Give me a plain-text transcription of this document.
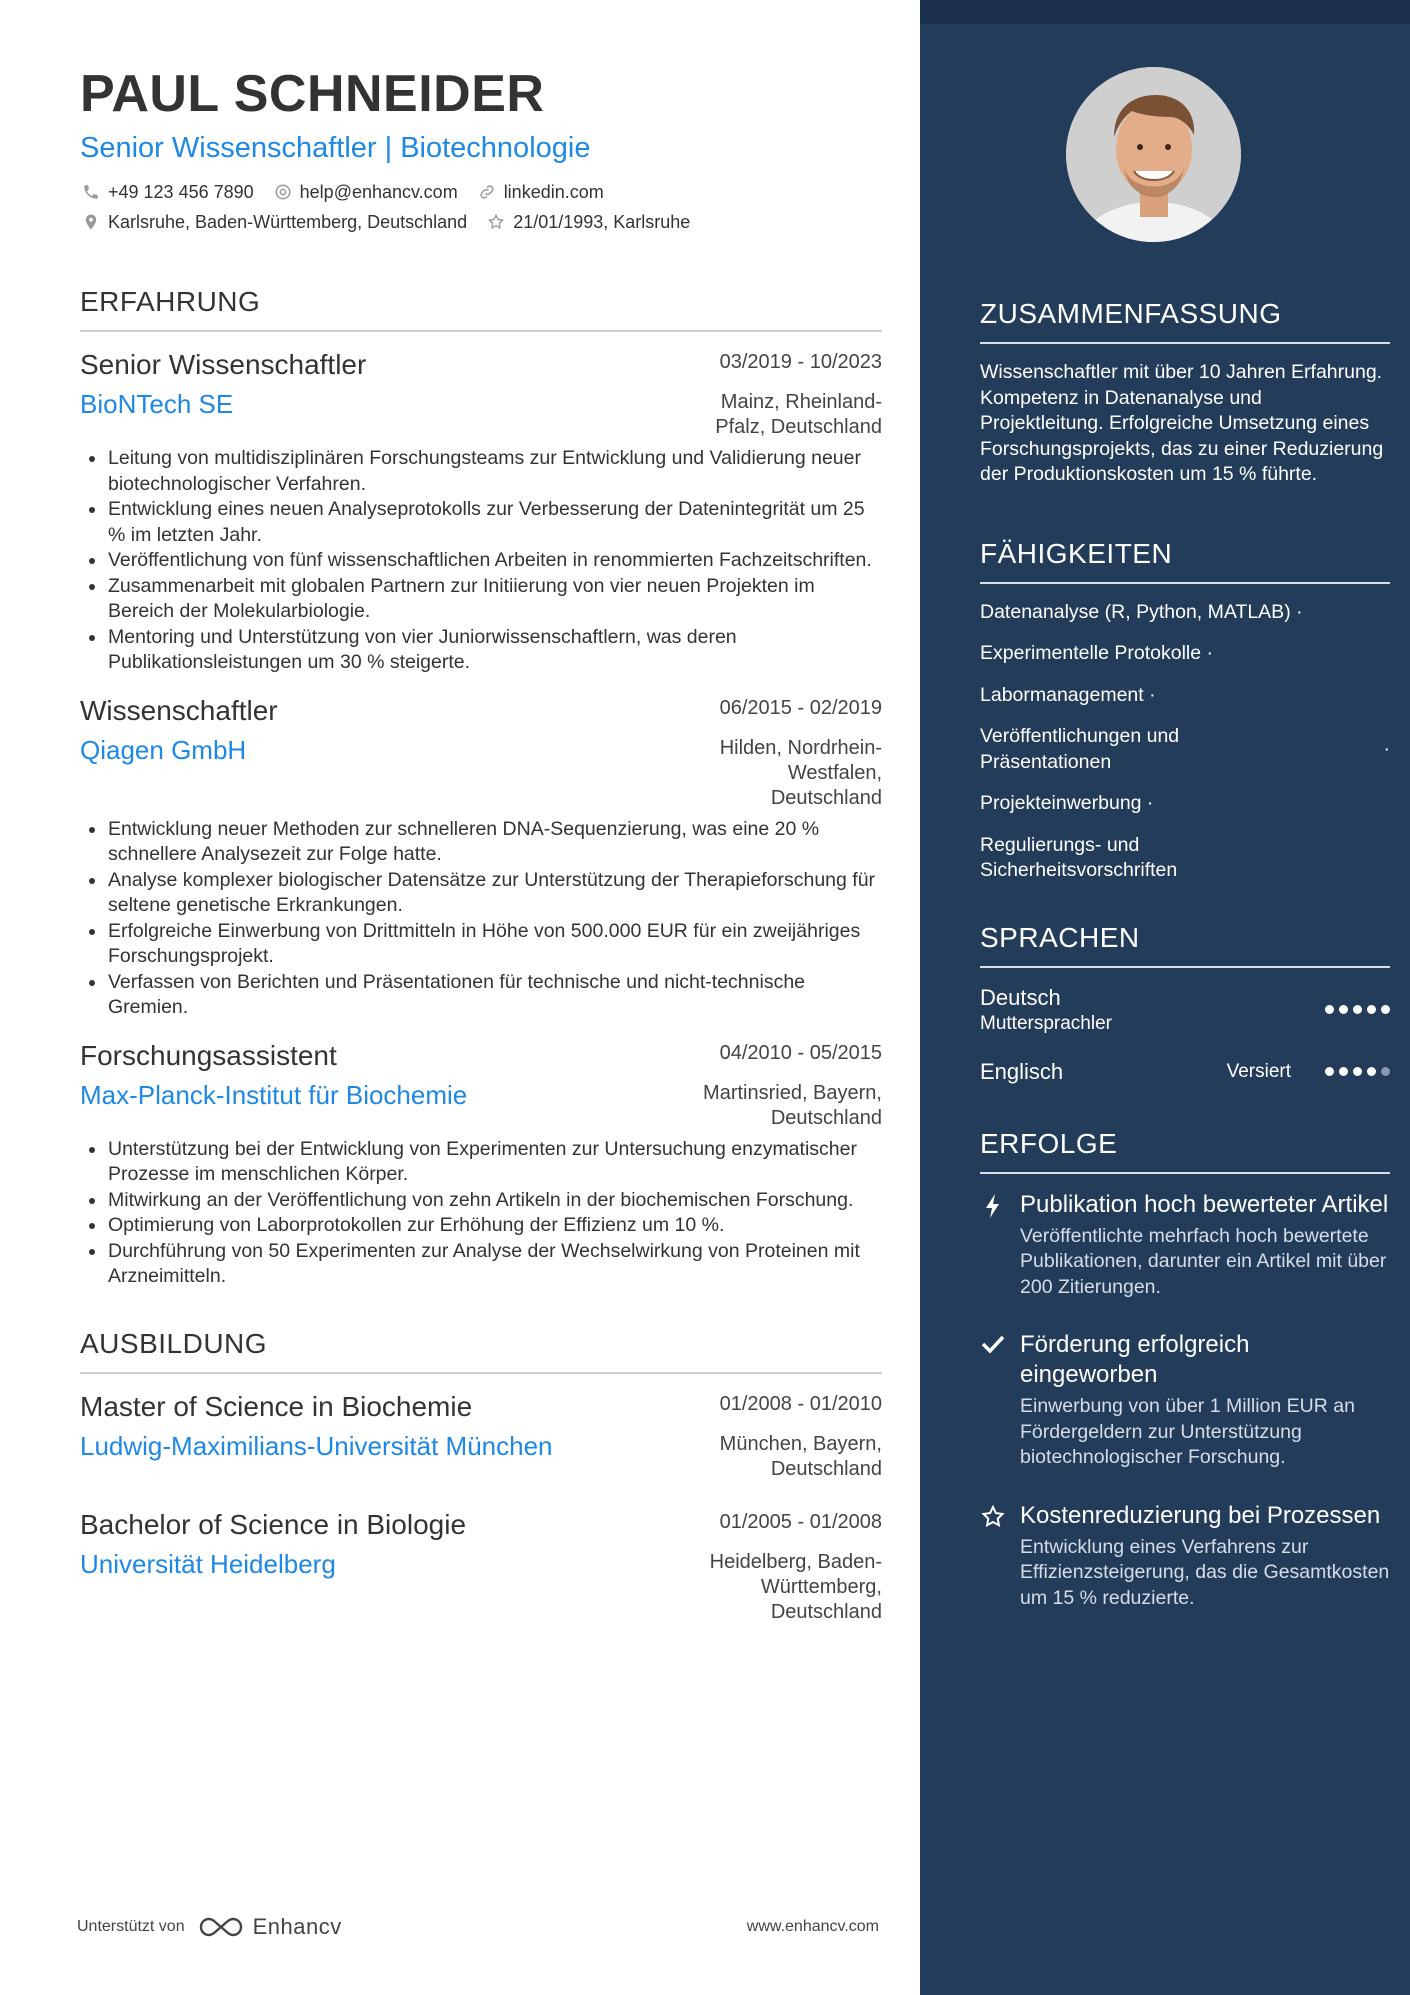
PAUL SCHNEIDER
Senior Wissenschaftler | Biotechnologie
+49 123 456 7890	help@enhancv.com	linkedin.com
Karlsruhe, Baden-Württemberg, Deutschland	21/01/1993, Karlsruhe
ERFAHRUNG
Senior Wissenschaftler	03/2019 - 10/2023
BioNTech SE	Mainz, Rheinland-Pfalz, Deutschland
Leitung von multidisziplinären Forschungsteams zur Entwicklung und Validierung neuer biotechnologischer Verfahren.
Entwicklung eines neuen Analyseprotokolls zur Verbesserung der Datenintegrität um 25 % im letzten Jahr.
Veröffentlichung von fünf wissenschaftlichen Arbeiten in renommierten Fachzeitschriften.
Zusammenarbeit mit globalen Partnern zur Initiierung von vier neuen Projekten im Bereich der Molekularbiologie.
Mentoring und Unterstützung von vier Juniorwissenschaftlern, was deren Publikationsleistungen um 30 % steigerte.
Wissenschaftler	06/2015 - 02/2019
Qiagen GmbH	Hilden, Nordrhein-Westfalen, Deutschland
Entwicklung neuer Methoden zur schnelleren DNA-Sequenzierung, was eine 20 % schnellere Analysezeit zur Folge hatte.
Analyse komplexer biologischer Datensätze zur Unterstützung der Therapieforschung für seltene genetische Erkrankungen.
Erfolgreiche Einwerbung von Drittmitteln in Höhe von 500.000 EUR für ein zweijähriges Forschungsprojekt.
Verfassen von Berichten und Präsentationen für technische und nicht-technische Gremien.
Forschungsassistent	04/2010 - 05/2015
Max-Planck-Institut für Biochemie	Martinsried, Bayern, Deutschland
Unterstützung bei der Entwicklung von Experimenten zur Untersuchung enzymatischer Prozesse im menschlichen Körper.
Mitwirkung an der Veröffentlichung von zehn Artikeln in der biochemischen Forschung.
Optimierung von Laborprotokollen zur Erhöhung der Effizienz um 10 %.
Durchführung von 50 Experimenten zur Analyse der Wechselwirkung von Proteinen mit Arzneimitteln.
AUSBILDUNG
Master of Science in Biochemie	01/2008 - 01/2010
Ludwig-Maximilians-Universität München	München, Bayern, Deutschland
Bachelor of Science in Biologie	01/2005 - 01/2008
Universität Heidelberg	Heidelberg, Baden-Württemberg, Deutschland
Unterstützt von	Enhancv	www.enhancv.com
ZUSAMMENFASSUNG
Wissenschaftler mit über 10 Jahren Erfahrung. Kompetenz in Datenanalyse und Projektleitung. Erfolgreiche Umsetzung eines Forschungsprojekts, das zu einer Reduzierung der Produktionskosten um 15 % führte.
FÄHIGKEITEN
Datenanalyse (R, Python, MATLAB) ·
Experimentelle Protokolle ·
Labormanagement ·
Veröffentlichungen und Präsentationen
·
Projekteinwerbung ·
Regulierungs- und Sicherheitsvorschriften
SPRACHEN
Deutsch
Muttersprachler
Englisch	Versiert
ERFOLGE
Publikation hoch bewerteter Artikel
Veröffentlichte mehrfach hoch bewertete Publikationen, darunter ein Artikel mit über 200 Zitierungen.
Förderung erfolgreich eingeworben
Einwerbung von über 1 Million EUR an Fördergeldern zur Unterstützung biotechnologischer Forschung.
Kostenreduzierung bei Prozessen
Entwicklung eines Verfahrens zur Effizienzsteigerung, das die Gesamtkosten um 15 % reduzierte.
